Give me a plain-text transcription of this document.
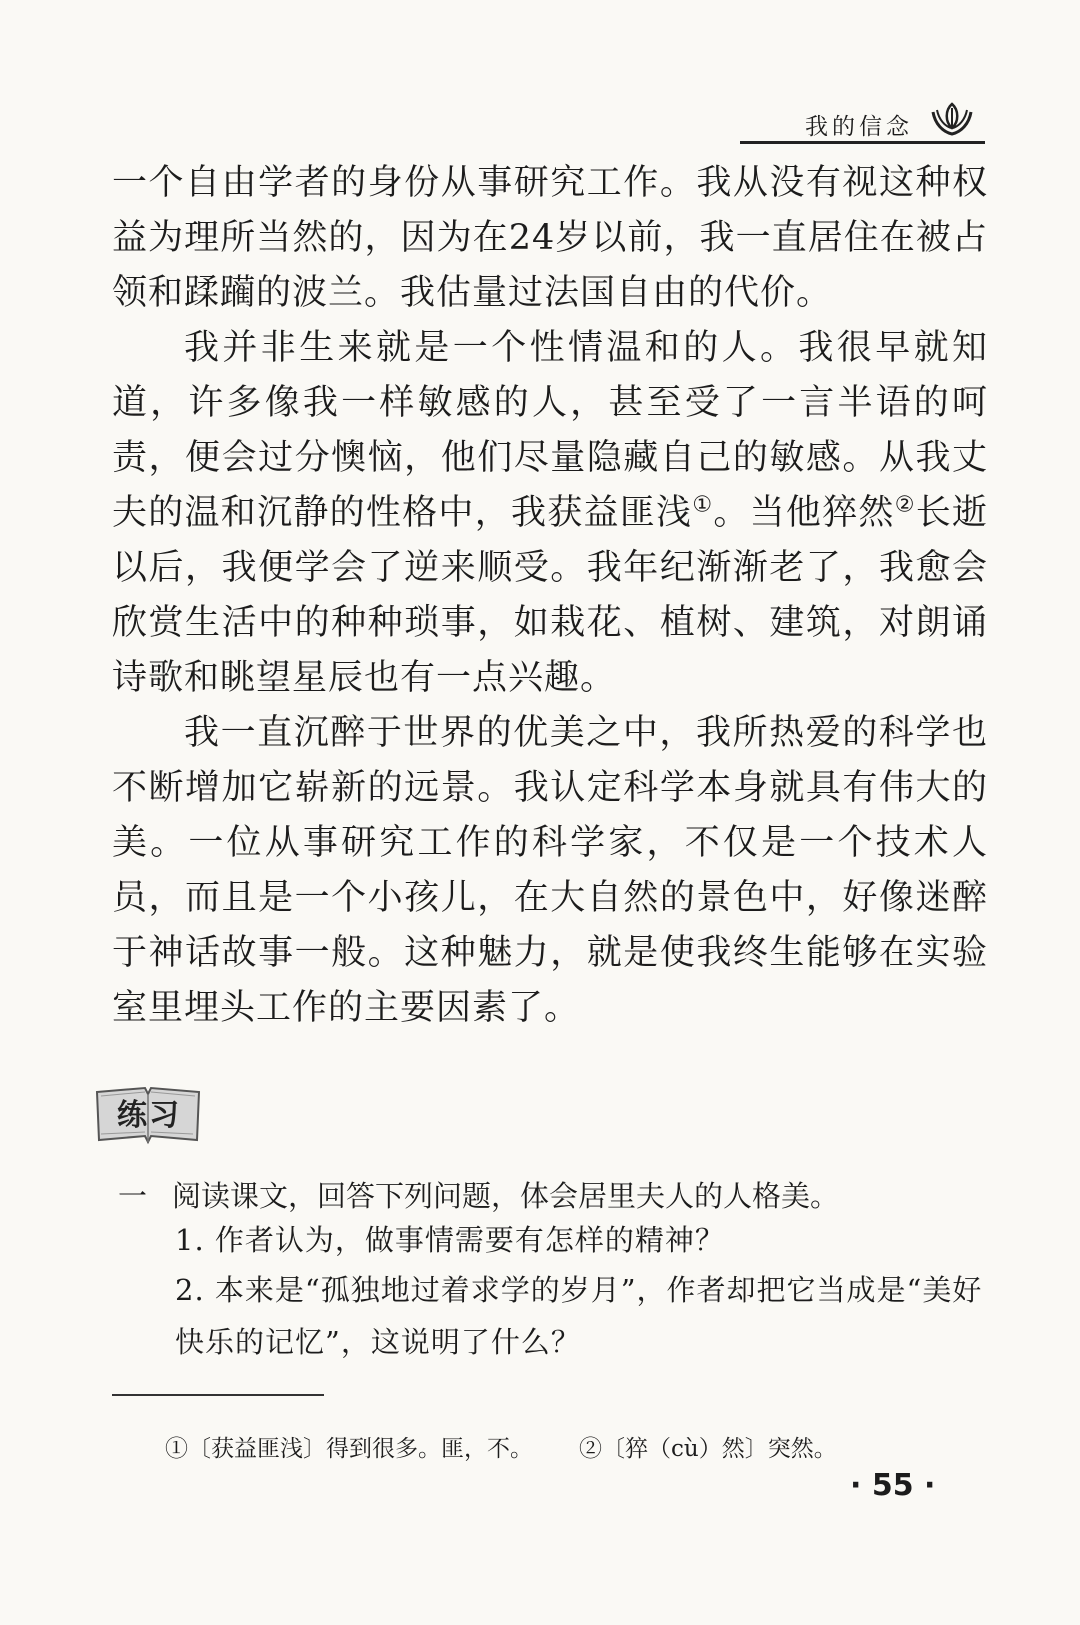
我的信念

一个自由学者的身份从事研究工作。我从没有视这种权益为理所当然的，因为在24岁以前，我一直居住在被占领和蹂躏的波兰。我估量过法国自由的代价。

我并非生来就是一个性情温和的人。我很早就知道，许多像我一样敏感的人，甚至受了一言半语的呵责，便会过分懊恼，他们尽量隐藏自己的敏感。从我丈夫的温和沉静的性格中，我获益匪浅①。当他猝然②长逝以后，我便学会了逆来顺受。我年纪渐渐老了，我愈会欣赏生活中的种种琐事，如栽花、植树、建筑，对朗诵诗歌和眺望星辰也有一点兴趣。

我一直沉醉于世界的优美之中，我所热爱的科学也不断增加它崭新的远景。我认定科学本身就具有伟大的美。一位从事研究工作的科学家，不仅是一个技术人员，而且是一个小孩儿，在大自然的景色中，好像迷醉于神话故事一般。这种魅力，就是使我终生能够在实验室里埋头工作的主要因素了。

练习
一 阅读课文，回答下列问题，体会居里夫人的人格美。
1. 作者认为，做事情需要有怎样的精神？
2. 本来是“孤独地过着求学的岁月”，作者却把它当成是“美好快乐的记忆”，这说明了什么？
①〔获益匪浅〕得到很多。匪，不。 ②〔猝（cù）然〕突然。
· 55 ·
